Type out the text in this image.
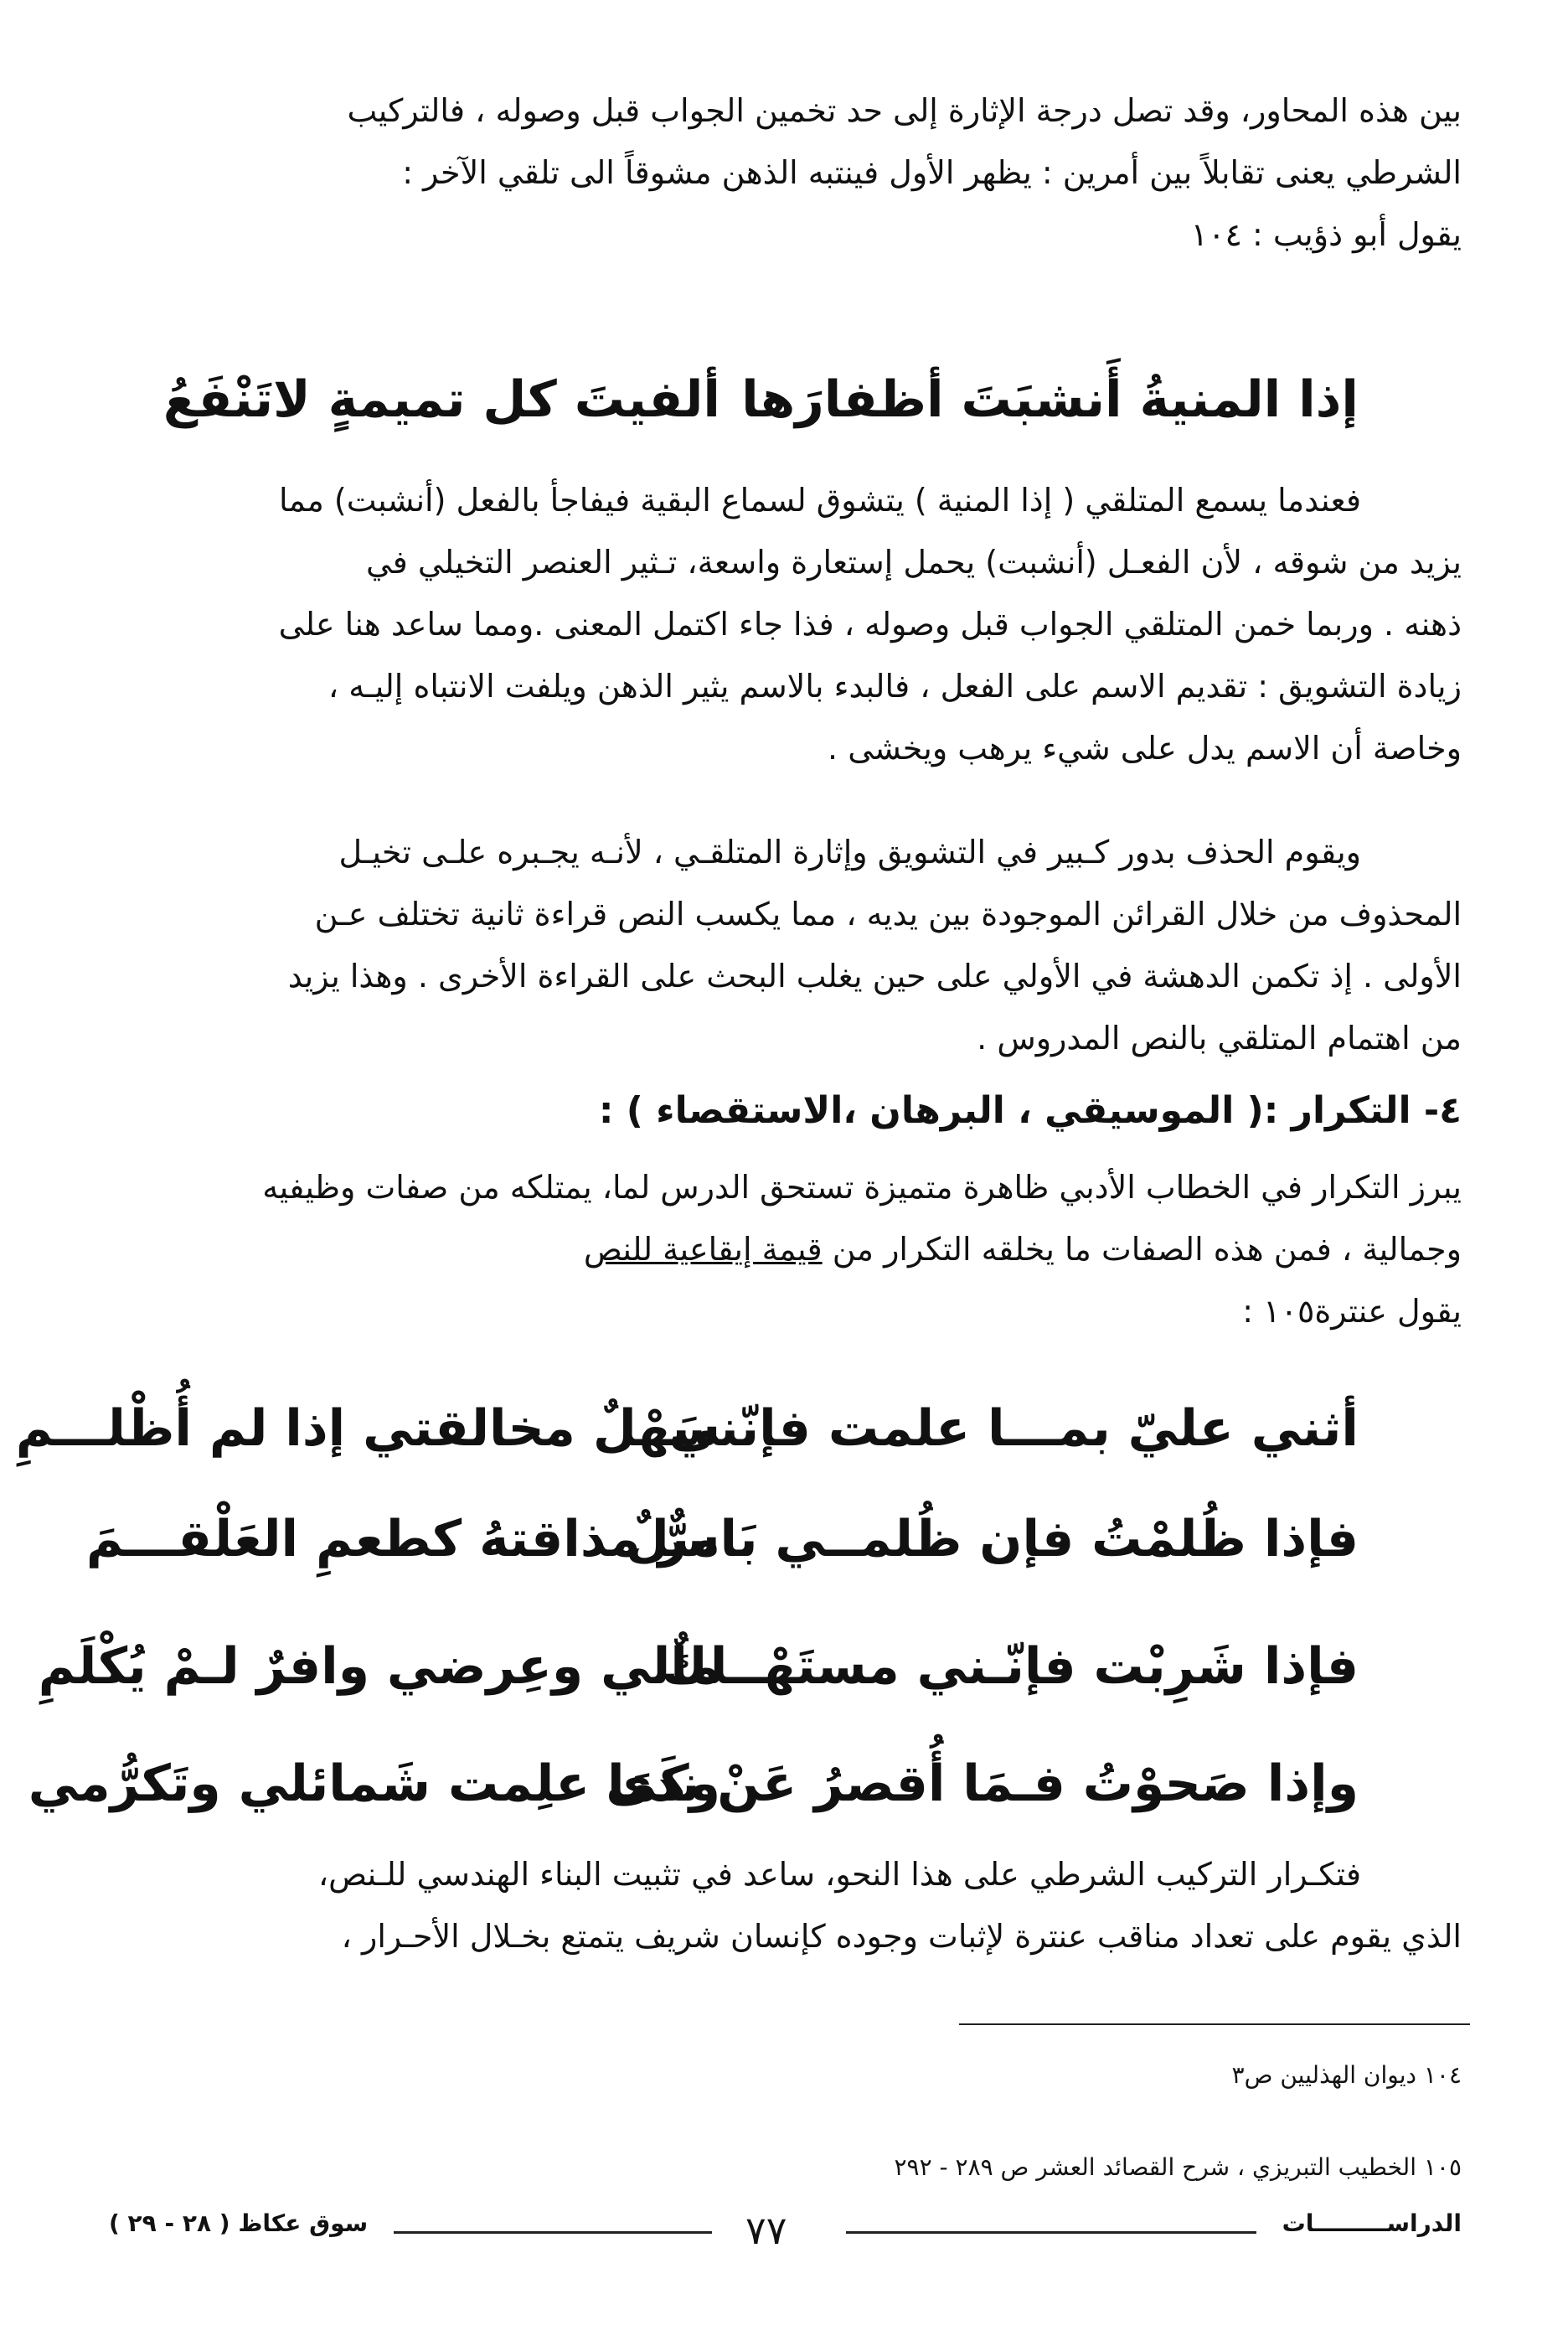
بين هذه المحاور، وقد تصل درجة الإثارة إلى حد تخمين الجواب قبل وصوله ، فالتركيب
الشرطي يعنى تقابلاً بين أمرين : يظهر الأول فينتبه الذهن مشوقاً الى تلقي الآخر :
يقول أبو ذؤيب : ١٠٤
إذا المنيةُ أَنشبَتَ أظفارَها
ألفيتَ كل تميمةٍ لاتَنْفَعُ
فعندما يسمع المتلقي ( إذا المنية ) يتشوق لسماع البقية فيفاجأ بالفعل (أنشبت) مما
يزيد من شوقه ، لأن الفعـل (أنشبت) يحمل إستعارة واسعة، تـثير العنصر التخيلي في
ذهنه . وربما خمن المتلقي الجواب قبل وصوله ، فذا جاء اكتمل المعنى .ومما ساعد هنا على
زيادة التشويق : تقديم الاسم على الفعل ، فالبدء بالاسم يثير الذهن ويلفت الانتباه إليـه ،
وخاصة أن الاسم يدل على شيء يرهب ويخشى .
ويقوم الحذف بدور كـبير في التشويق وإثارة المتلقـي ، لأنـه يجـبره علـى تخيـل
المحذوف من خلال القرائن الموجودة بين يديه ، مما يكسب النص قراءة ثانية تختلف عـن
الأولى . إذ تكمن الدهشة في الأولي على حين يغلب البحث على القراءة الأخرى . وهذا يزيد
من اهتمام المتلقي بالنص المدروس .
٤- التكرار :( الموسيقي ، البرهان ،الاستقصاء ) :
يبرز التكرار في الخطاب الأدبي ظاهرة متميزة تستحق الدرس لما، يمتلكه من صفات وظيفيه
وجمالية ، فمن هذه الصفات ما يخلقه التكرار من قيمة إيقاعية للنص
يقول عنترة١٠٥ :
أثني عليّ بمـــا علمت فإنّني
سَهْلٌ مخالقتي إذا لم أُظْلـــمِ
فإذا ظُلمْتُ فإن ظُلمــي بَاسلٌ
مرٌّ مذاقتهُ كطعمِ العَلْقـــمَ
فإذا شَرِبْت فإنّـني مستَهْــلكٌ
مالي وعِرضي وافرٌ لـمْ يُكْلَمِ
وإذا صَحوْتُ فـمَا أُقصرُ عَنْ ندى
وكَمَا علِمت شَمائلي وتَكرُّمي
فتكـرار التركيب الشرطي على هذا النحو، ساعد في تثبيت البناء الهندسي للـنص،
الذي يقوم على تعداد مناقب عنترة لإثبات وجوده كإنسان شريف يتمتع بخـلال الأحـرار ،
١٠٤ ديوان الهذليين ص٣
١٠٥ الخطيب التبريزي ، شرح القصائد العشر ص ٢٨٩ - ٢٩٢
سوق عكاظ ( ٢٨ - ٢٩ )	٧٧	الدراســـــــــات
